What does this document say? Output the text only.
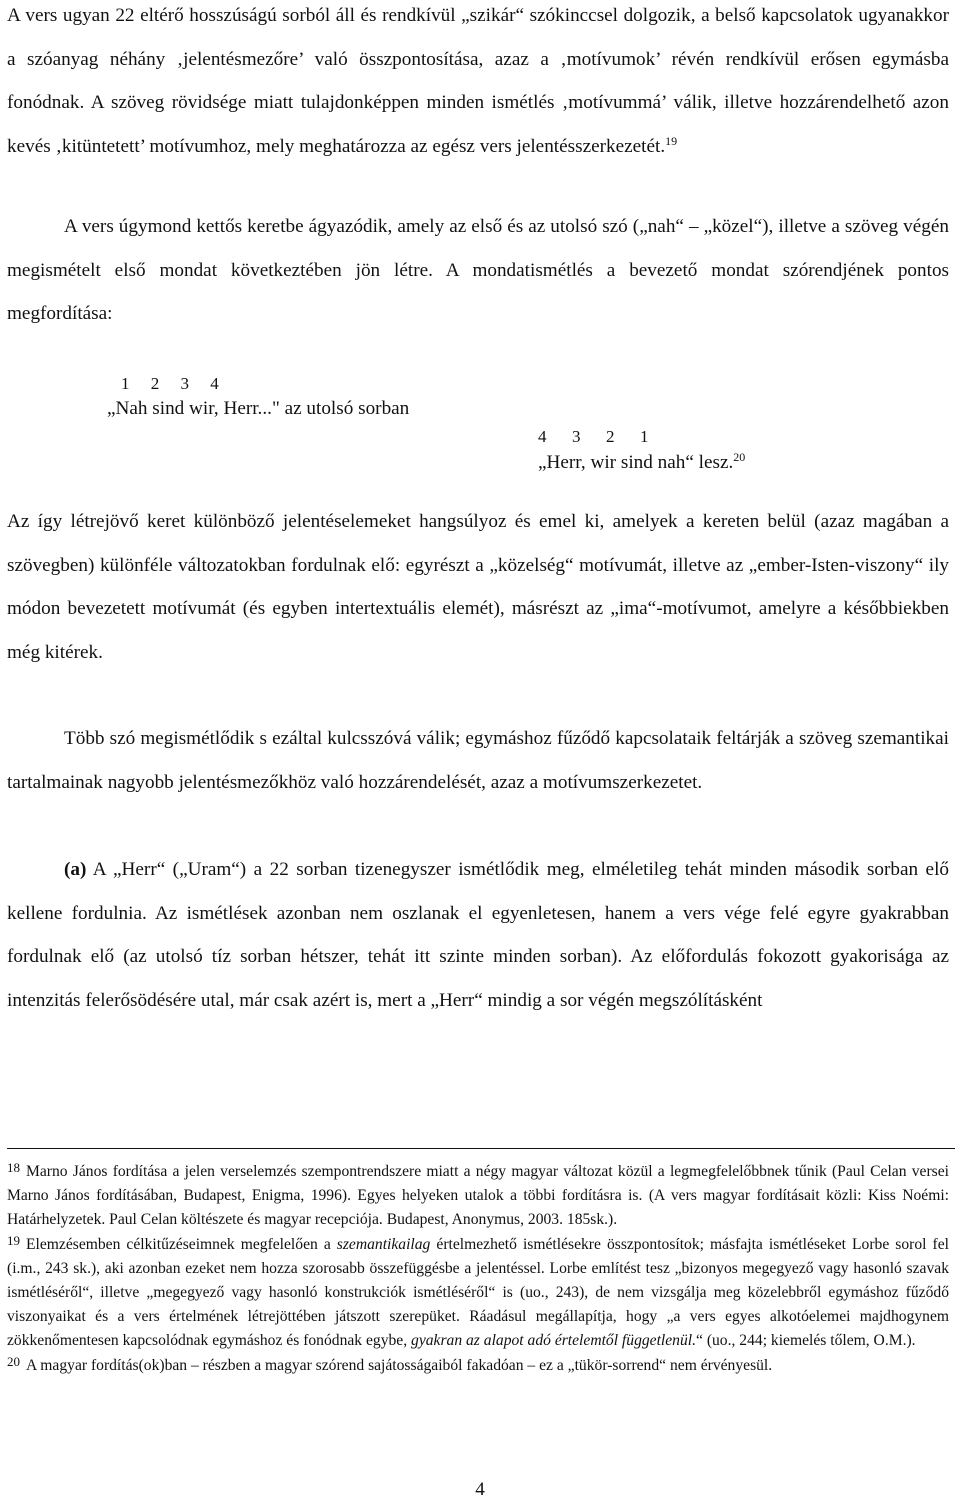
A vers ugyan 22 eltérő hosszúságú sorból áll és rendkívül „szikár“ szókinccsel dolgozik, a belső kapcsolatok ugyanakkor a szóanyag néhány ‚jelentésmezőre’ való összpontosítása, azaz a ‚motívumok’ révén rendkívül erősen egymásba fonódnak. A szöveg rövidsége miatt tulajdonképpen minden ismétlés ‚motívummá’ válik, illetve hozzárendelhető azon kevés ‚kitüntetett’ motívumhoz, mely meghatározza az egész vers jelentésszerkezetét.$^{19}$
A vers úgymond kettős keretbe ágyazódik, amely az első és az utolsó szó („nah“ – „közel“), illetve a szöveg végén megismételt első mondat következtében jön létre. A mondatismétlés a bevezető mondat szórendjének pontos megfordítása:
1     2     3     4
„Nah sind wir, Herr..." az utolsó sorban
4      3      2      1
„Herr, wir sind nah“ lesz.$^{20}$
Az így létrejövő keret különböző jelentéselemeket hangsúlyoz és emel ki, amelyek a kereten belül (azaz magában a szövegben) különféle változatokban fordulnak elő: egyrészt a „közelség“ motívumát, illetve az „ember-Isten-viszony“ ily módon bevezetett motívumát (és egyben intertextuális elemét), másrészt az „ima“-motívumot, amelyre a későbbiekben még kitérek.
Több szó megismétlődik s ezáltal kulcsszóvá válik; egymáshoz fűződő kapcsolataik feltárják a szöveg szemantikai tartalmainak nagyobb jelentésmezőkhöz való hozzárendelését, azaz a motívumszerkezetet.
(a) A „Herr“ („Uram“) a 22 sorban tizenegyszer ismétlődik meg, elméletileg tehát minden második sorban elő kellene fordulnia. Az ismétlések azonban nem oszlanak el egyenletesen, hanem a vers vége felé egyre gyakrabban fordulnak elő (az utolsó tíz sorban hétszer, tehát itt szinte minden sorban). Az előfordulás fokozott gyakorisága az intenzitás felerősödésére utal, már csak azért is, mert a „Herr“ mindig a sor végén megszólításként

$^{18}$ Marno János fordítása a jelen verselemzés szempontrendszere miatt a négy magyar változat közül a legmegfelelőbbnek tűnik (Paul Celan versei Marno János fordításában, Budapest, Enigma, 1996). Egyes helyeken utalok a többi fordításra is. (A vers magyar fordításait közli: Kiss Noémi: Határhelyzetek. Paul Celan költészete és magyar recepciója. Budapest, Anonymus, 2003. 185sk.).

$^{19}$ Elemzésemben célkitűzéseimnek megfelelően a szemantikailag értelmezhető ismétlésekre összpontosítok; másfajta ismétléseket Lorbe sorol fel (i.m., 243 sk.), aki azonban ezeket nem hozza szorosabb összefüggésbe a jelentéssel. Lorbe említést tesz „bizonyos megegyező vagy hasonló szavak ismétléséről“, illetve „megegyező vagy hasonló konstrukciók ismétléséről“ is (uo., 243), de nem vizsgálja meg közelebbről egymáshoz fűződő viszonyaikat és a vers értelmének létrejöttében játszott szerepüket. Ráadásul megállapítja, hogy „a vers egyes alkotóelemei majdhogynem zökkenőmentesen kapcsolódnak egymáshoz és fonódnak egybe, gyakran az alapot adó értelemtől függetlenül.“ (uo., 244; kiemelés tőlem, O.M.).

$^{20}$ A magyar fordítás(ok)ban – részben a magyar szórend sajátosságaiból fakadóan – ez a „tükör-sorrend“ nem érvényesül.

4
